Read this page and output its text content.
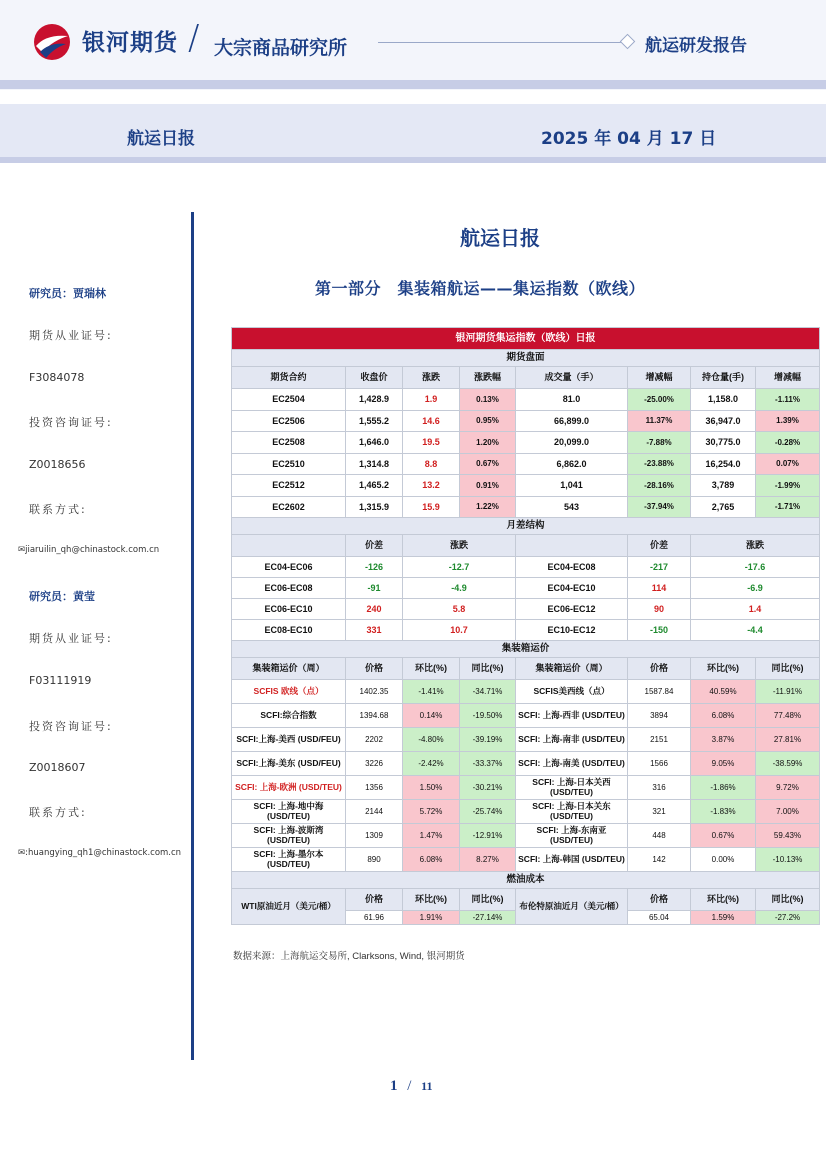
银河期货 / 大宗商品研究所	航运研发报告
航运日报	2025 年 04 月 17 日
研究员：贾瑞林
期货从业证号:
F3084078
投资咨询证号:
Z0018656
联系方式:
✉jiaruilin_qh@chinastock.com.cn
研究员：黄莹
期货从业证号:
F03111919
投资咨询证号:
Z0018607
联系方式:
✉:huangying_qh1@chinastock.com.cn
航运日报
第一部分　集装箱航运——集运指数（欧线）
银河期货集运指数（欧线）日报							
期货盘面							
期货合约	收盘价	涨跌	涨跌幅	成交量（手）	增减幅	持仓量(手)	增减幅
EC2504	1,428.9	1.9	0.13%	81.0	-25.00%	1,158.0	-1.11%
EC2506	1,555.2	14.6	0.95%	66,899.0	11.37%	36,947.0	1.39%
EC2508	1,646.0	19.5	1.20%	20,099.0	-7.88%	30,775.0	-0.28%
EC2510	1,314.8	8.8	0.67%	6,862.0	-23.88%	16,254.0	0.07%
EC2512	1,465.2	13.2	0.91%	1,041	-28.16%	3,789	-1.99%
EC2602	1,315.9	15.9	1.22%	543	-37.94%	2,765	-1.71%
月差结构							
	价差	涨跌			价差	涨跌	
EC04-EC06	-126	-12.7		EC04-EC08	-217	-17.6	
EC06-EC08	-91	-4.9		EC04-EC10	114	-6.9	
EC06-EC10	240	5.8		EC06-EC12	90	1.4	
EC08-EC10	331	10.7		EC10-EC12	-150	-4.4	
集装箱运价							
集装箱运价（周）	价格	环比(%)	同比(%)	集装箱运价（周）	价格	环比(%)	同比(%)
SCFIS 欧线（点）	1402.35	-1.41%	-34.71%	SCFIS美西线（点）	1587.84	40.59%	-11.91%
SCFI:综合指数	1394.68	0.14%	-19.50%	SCFI: 上海-西非 (USD/TEU)	3894	6.08%	77.48%
SCFI:上海-美西 (USD/FEU)	2202	-4.80%	-39.19%	SCFI: 上海-南非 (USD/TEU)	2151	3.87%	27.81%
SCFI:上海-美东 (USD/FEU)	3226	-2.42%	-33.37%	SCFI: 上海-南美 (USD/TEU)	1566	9.05%	-38.59%
SCFI: 上海-欧洲 (USD/TEU)	1356	1.50%	-30.21%	SCFI: 上海-日本关西 (USD/TEU)	316	-1.86%	9.72%
SCFI: 上海-地中海 (USD/TEU)	2144	5.72%	-25.74%	SCFI: 上海-日本关东 (USD/TEU)	321	-1.83%	7.00%
SCFI: 上海-波斯湾 (USD/TEU)	1309	1.47%	-12.91%	SCFI: 上海-东南亚 (USD/TEU)	448	0.67%	59.43%
SCFI: 上海-墨尔本 (USD/TEU)	890	6.08%	8.27%	SCFI: 上海-韩国 (USD/TEU)	142	0.00%	-10.13%
燃油成本							
WTI原油近月（美元/桶）	价格	环比(%)	同比(%)	布伦特原油近月（美元/桶）	价格	环比(%)	同比(%)
	61.96	1.91%	-27.14%		65.04	1.59%	-27.2%
数据来源：上海航运交易所, Clarksons, Wind, 银河期货
1 / 11
